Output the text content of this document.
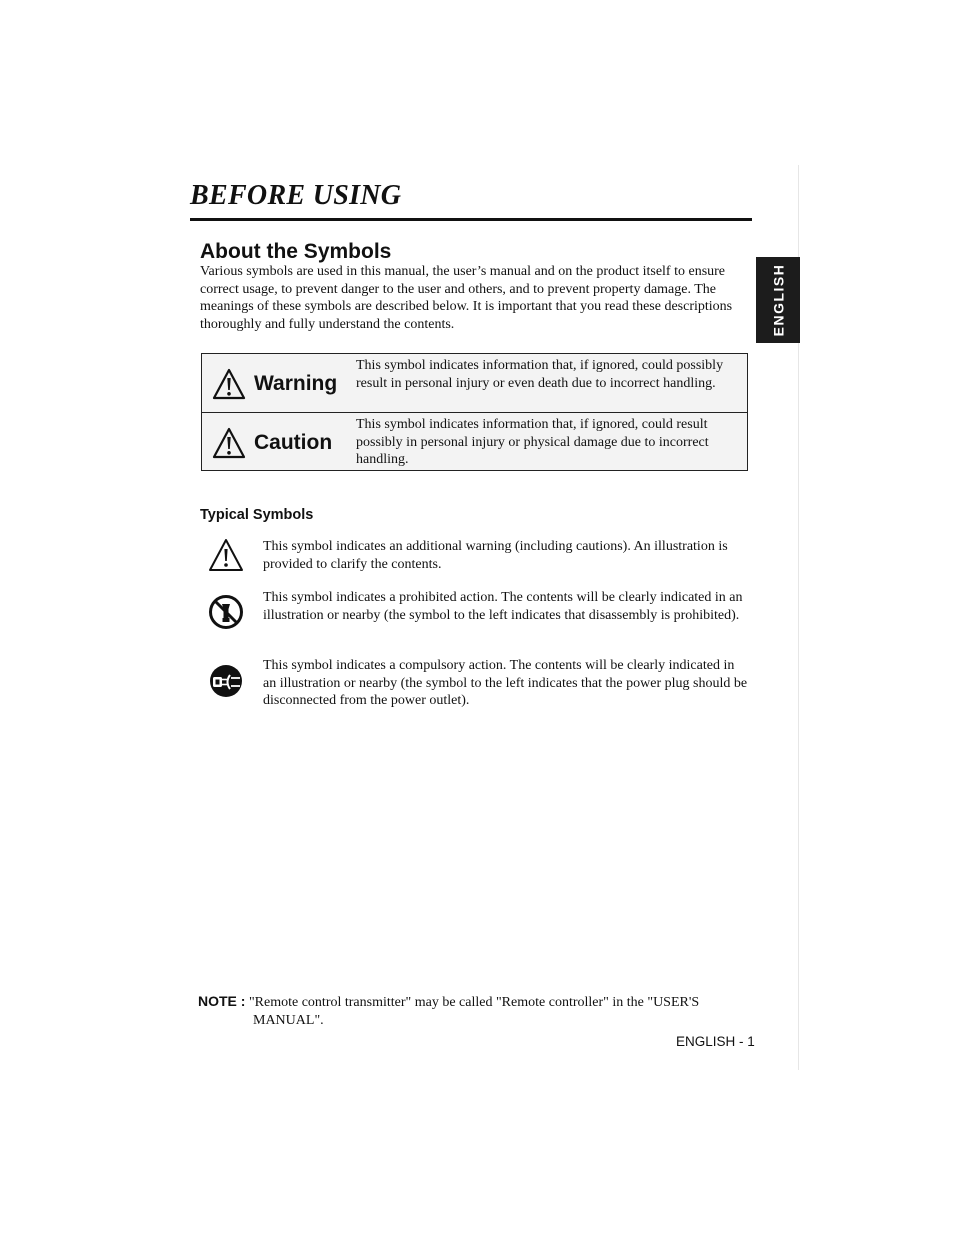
BEFORE USING
ENGLISH
About the Symbols
Various symbols are used in this manual, the user’s manual and on the product itself to ensure correct usage, to prevent danger to the user and others, and to prevent property damage. The meanings of these symbols are described below. It is important that you read these descriptions thoroughly and fully understand the contents.
Warning
This symbol indicates information that, if ignored, could possibly result in personal injury or even death due to incorrect handling.
Caution
This symbol indicates information that, if ignored, could result possibly in personal injury or physical damage due to incorrect handling.
Typical Symbols
This symbol indicates an additional warning (including cautions). An illustration is provided to clarify the contents.
This symbol indicates a prohibited action. The contents will be clearly indicated in an illustration or nearby (the symbol to the left indicates that disassembly is prohibited).
This symbol indicates a compulsory action. The contents will be clearly indicated in an illustration or nearby (the symbol to the left indicates that the power plug should be disconnected from the power outlet).
NOTE : "Remote control transmitter" may be called "Remote controller" in the "USER'S
MANUAL".
ENGLISH - 1
